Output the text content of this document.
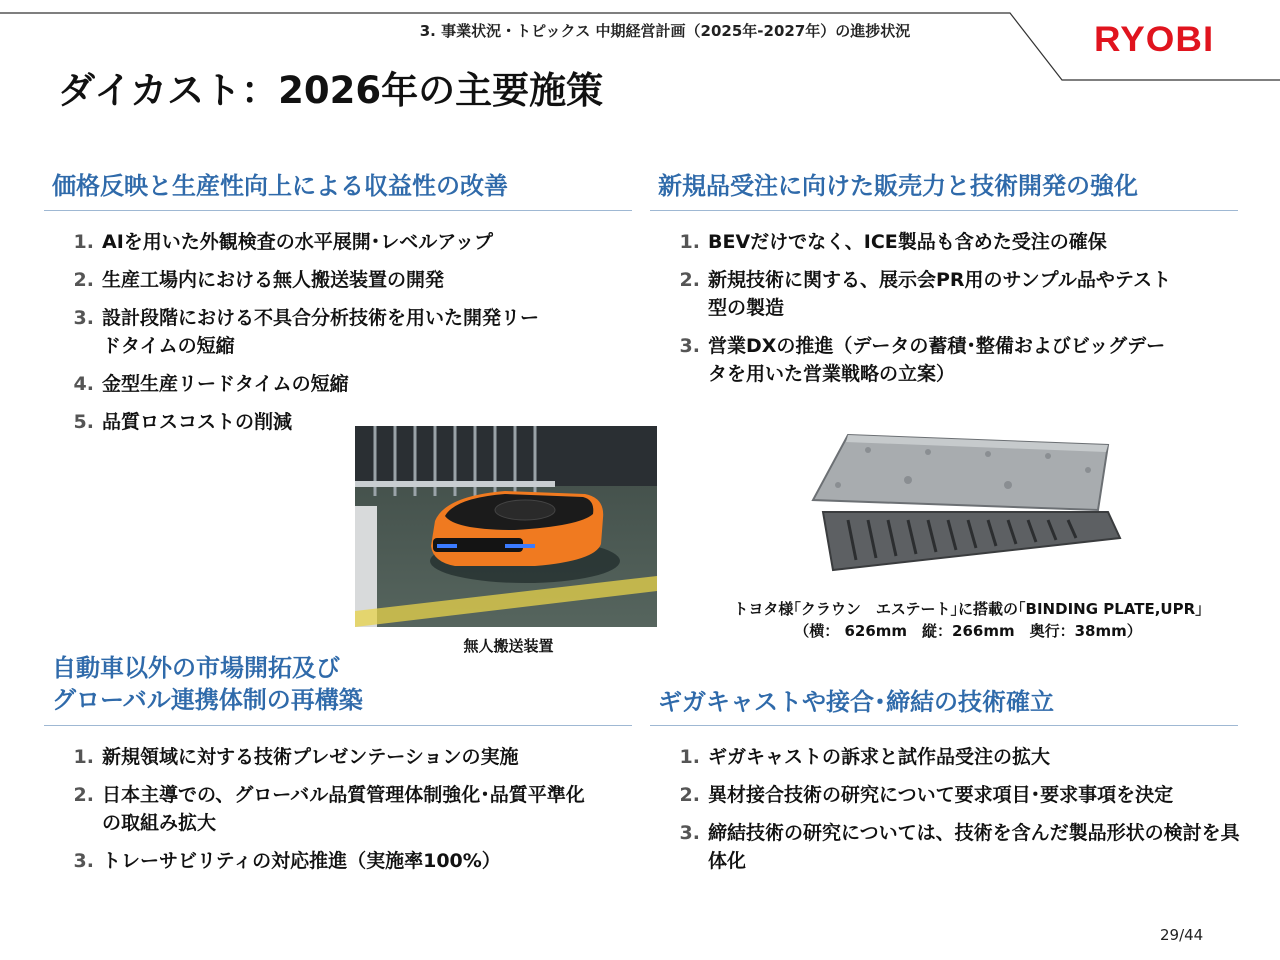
3. 事業状況・トピックス 中期経営計画（2025年-2027年）の進捗状況	RYOBI
ダイカスト：2026年の主要施策
価格反映と生産性向上による収益性の改善
1. AIを用いた外観検査の水平展開･レベルアップ
2. 生産工場内における無人搬送装置の開発
3. 設計段階における不具合分析技術を用いた開発リードタイムの短縮
4. 金型生産リードタイムの短縮
5. 品質ロスコストの削減
新規品受注に向けた販売力と技術開発の強化
1. BEVだけでなく、ICE製品も含めた受注の確保
2. 新規技術に関する、展示会PR用のサンプル品やテスト型の製造
3. 営業DXの推進（データの蓄積･整備およびビッグデータを用いた営業戦略の立案）
無人搬送装置
トヨタ様｢クラウン　エステート｣に搭載の｢BINDING PLATE,UPR｣
（横： 626mm　縦：266mm　奥行：38mm）
自動車以外の市場開拓及び
グローバル連携体制の再構築
1. 新規領域に対する技術プレゼンテーションの実施
2. 日本主導での、グローバル品質管理体制強化･品質平準化の取組み拡大
3. トレーサビリティの対応推進（実施率100%）
ギガキャストや接合･締結の技術確立
1. ギガキャストの訴求と試作品受注の拡大
2. 異材接合技術の研究について要求項目･要求事項を決定
3. 締結技術の研究については、技術を含んだ製品形状の検討を具体化
29/44
